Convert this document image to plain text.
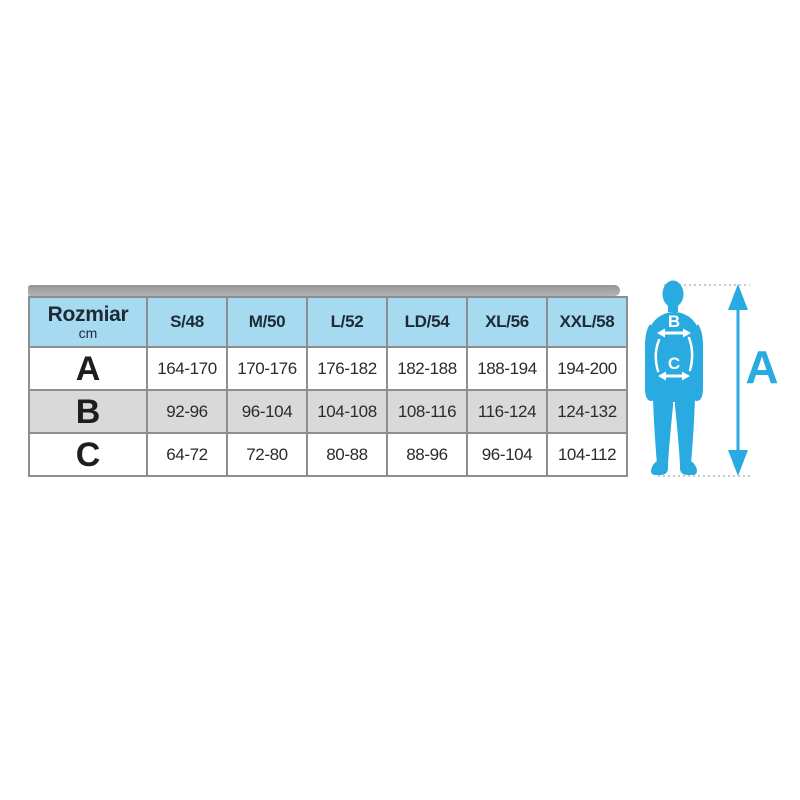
Rozmiar
cm	S/48	M/50	L/52	LD/54	XL/56	XXL/58
A	164-170	170-176	176-182	182-188	188-194	194-200
B	92-96	96-104	104-108	108-116	116-124	124-132
C	64-72	72-80	80-88	88-96	96-104	104-112
B
C A
